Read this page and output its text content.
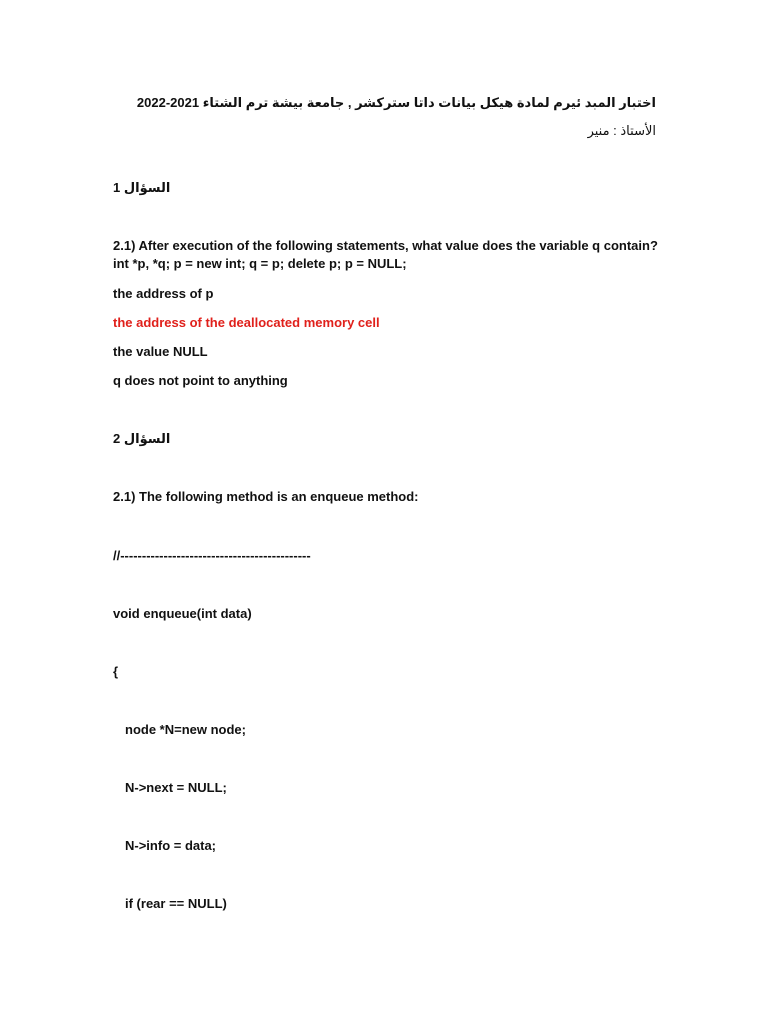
اختبار المبد ئيرم لمادة هيكل بيانات داتا ستركشر , جامعة بيشة ترم الشتاء 2021-2022
الأستاذ : منير
السؤال 1
2.1) After execution of the following statements, what value does the variable q contain? int *p, *q; p = new int; q = p; delete p; p = NULL;
the address of p
the address of the deallocated memory cell
the value NULL
q does not point to anything
السؤال 2
2.1) The following method is an enqueue method:
//--------------------------------------------
void enqueue(int data)
{
node *N=new node;
N->next = NULL;
N->info = data;
if (rear == NULL)
